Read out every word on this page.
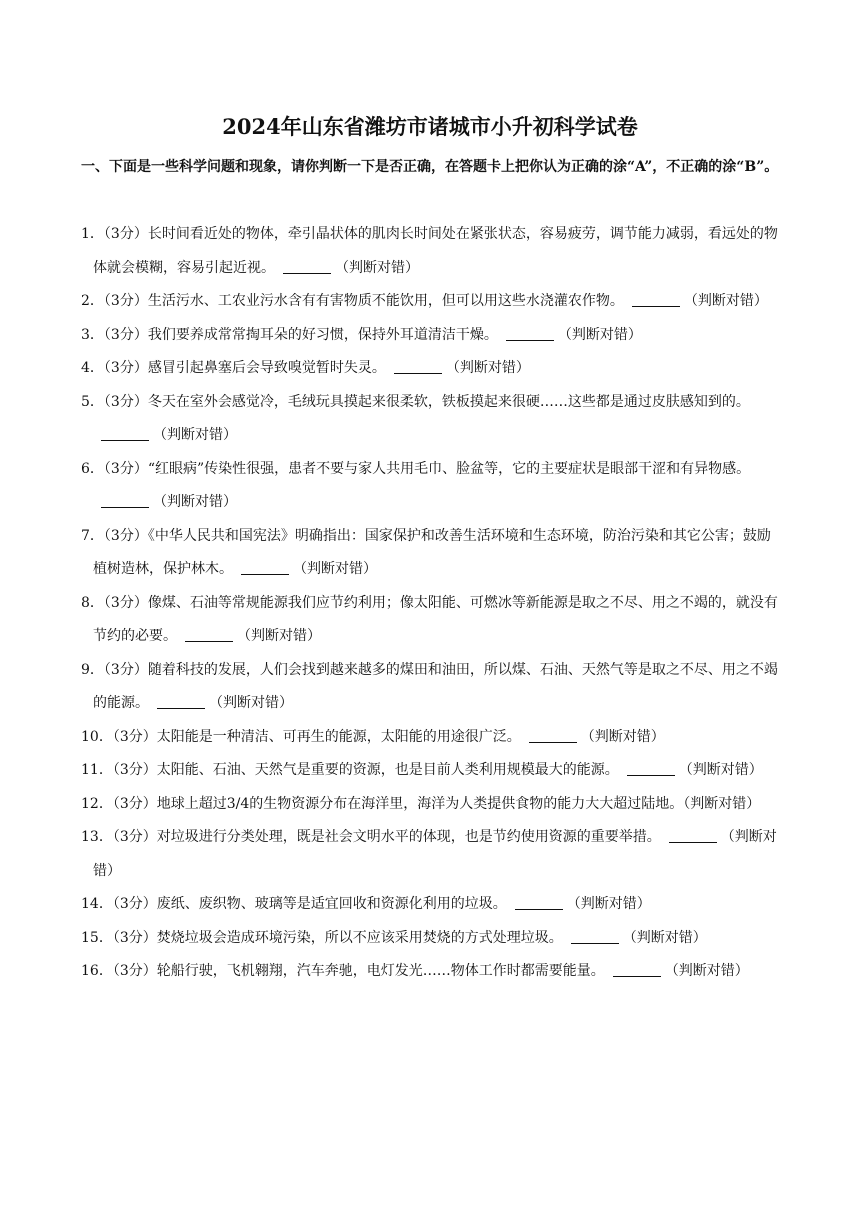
2024年山东省潍坊市诸城市小升初科学试卷
一、下面是一些科学问题和现象，请你判断一下是否正确，在答题卡上把你认为正确的涂“A”，不正确的涂“B”。
1．（3分）长时间看近处的物体，牵引晶状体的肌肉长时间处在紧张状态，容易疲劳，调节能力减弱，看远处的物体就会模糊，容易引起近视。	（判断对错）
2．（3分）生活污水、工农业污水含有有害物质不能饮用，但可以用这些水浇灌农作物。	（判断对错）
3．（3分）我们要养成常常掏耳朵的好习惯，保持外耳道清洁干燥。	（判断对错）
4．（3分）感冒引起鼻塞后会导致嗅觉暂时失灵。	（判断对错）
5．（3分）冬天在室外会感觉冷，毛绒玩具摸起来很柔软，铁板摸起来很硬……这些都是通过皮肤感知到的。（判断对错）
6．（3分）“红眼病”传染性很强，患者不要与家人共用毛巾、脸盆等，它的主要症状是眼部干涩和有异物感。（判断对错）
7．（3分）《中华人民共和国宪法》明确指出：国家保护和改善生活环境和生态环境，防治污染和其它公害；鼓励植树造林，保护林木。	（判断对错）
8．（3分）像煤、石油等常规能源我们应节约利用；像太阳能、可燃冰等新能源是取之不尽、用之不竭的，就没有节约的必要。	（判断对错）
9．（3分）随着科技的发展，人们会找到越来越多的煤田和油田，所以煤、石油、天然气等是取之不尽、用之不竭的能源。	（判断对错）
10．（3分）太阳能是一种清洁、可再生的能源，太阳能的用途很广泛。	（判断对错）
11．（3分）太阳能、石油、天然气是重要的资源，也是目前人类利用规模最大的能源。	（判断对错）
12．（3分）地球上超过3/4的生物资源分布在海洋里，海洋为人类提供食物的能力大大超过陆地。（判断对错）
13．（3分）对垃圾进行分类处理，既是社会文明水平的体现，也是节约使用资源的重要举措。	（判断对错）
14．（3分）废纸、废织物、玻璃等是适宜回收和资源化利用的垃圾。	（判断对错）
15．（3分）焚烧垃圾会造成环境污染，所以不应该采用焚烧的方式处理垃圾。	（判断对错）
16．（3分）轮船行驶，飞机翱翔，汽车奔驰，电灯发光……物体工作时都需要能量。	（判断对错）
